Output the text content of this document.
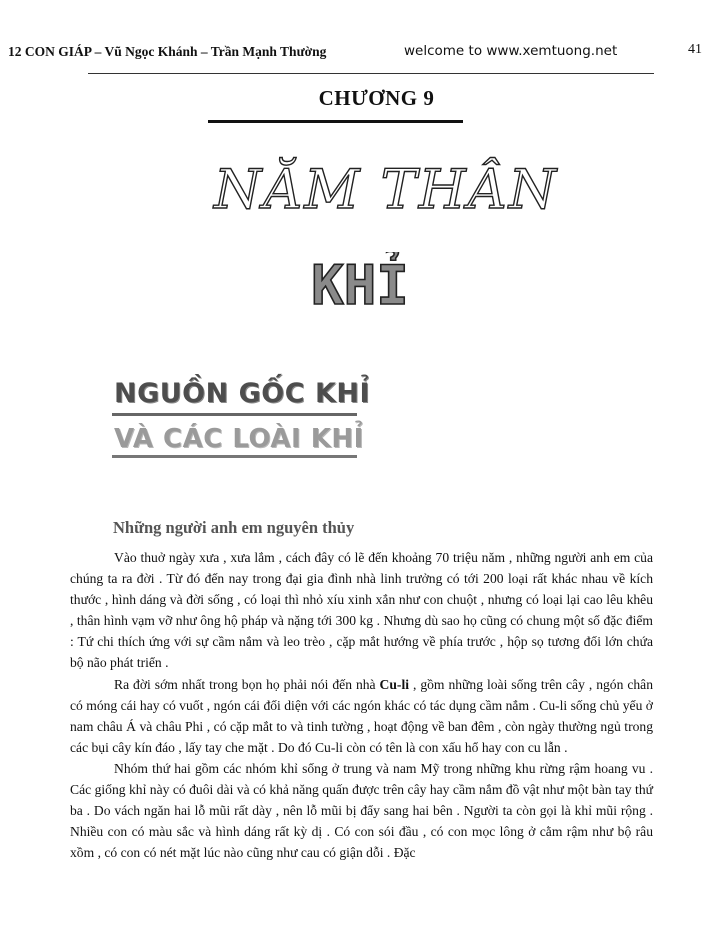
12 CON GIÁP – Vũ Ngọc Khánh – Trần Mạnh Thường	welcome to www.xemtuong.net	41
CHƯƠNG 9
NĂM THÂN
KHỈ
NGUỒN GỐC KHỈ
VÀ CÁC LOÀI KHỈ
Những người anh em nguyên thủy

Vào thuở ngày xưa , xưa lắm , cách đây có lẽ đến khoảng 70 triệu năm , những người anh em của chúng ta ra đời . Từ đó đến nay trong đại gia đình nhà linh trưởng có tới 200 loại rất khác nhau về kích thước , hình dáng và đời sống , có loại thì nhỏ xíu xinh xắn như con chuột , nhưng có loại lại cao lêu khêu , thân hình vạm vỡ như ông hộ pháp và nặng tới 300 kg . Nhưng dù sao họ cũng có chung một số đặc điểm : Tứ chi thích ứng với sự cầm nắm và leo trèo , cặp mắt hướng về phía trước , hộp sọ tương đối lớn chứa bộ não phát triển .

Ra đời sớm nhất trong bọn họ phải nói đến nhà Cu-li , gồm những loài sống trên cây , ngón chân có móng cái hay có vuốt , ngón cái đối diện với các ngón khác có tác dụng cầm nắm . Cu-li sống chủ yếu ở nam châu Á và châu Phi , có cặp mắt to và tinh tường , hoạt động về ban đêm , còn ngày thường ngủ trong các bụi cây kín đáo , lấy tay che mặt . Do đó Cu-li còn có tên là con xấu hổ hay con cu lẫn .

Nhóm thứ hai gồm các nhóm khỉ sống ở trung và nam Mỹ trong những khu rừng rậm hoang vu . Các giống khỉ này có đuôi dài và có khả năng quấn được trên cây hay cầm nắm đồ vật như một bàn tay thứ ba . Do vách ngăn hai lỗ mũi rất dày , nên lỗ mũi bị đẩy sang hai bên . Người ta còn gọi là khỉ mũi rộng . Nhiều con có màu sắc và hình dáng rất kỳ dị . Có con sói đầu , có con mọc lông ở cằm rậm như bộ râu xồm , có con có nét mặt lúc nào cũng như cau có giận dỗi . Đặc
